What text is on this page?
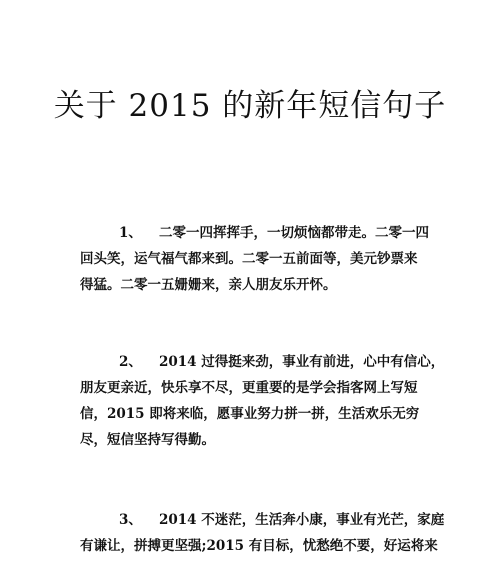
关于 2015 的新年短信句子
1、 二零一四挥挥手，一切烦恼都带走。二零一四
回头笑，运气福气都来到。二零一五前面等，美元钞票来
得猛。二零一五姗姗来，亲人朋友乐开怀。
2、 2014 过得挺来劲，事业有前进，心中有信心，
朋友更亲近，快乐享不尽，更重要的是学会指客网上写短
信，2015 即将来临，愿事业努力拼一拼，生活欢乐无穷
尽，短信坚持写得勤。
3、 2014 不迷茫，生活奔小康，事业有光芒，家庭
有谦让，拼搏更坚强;2015 有目标，忧愁绝不要，好运将来
